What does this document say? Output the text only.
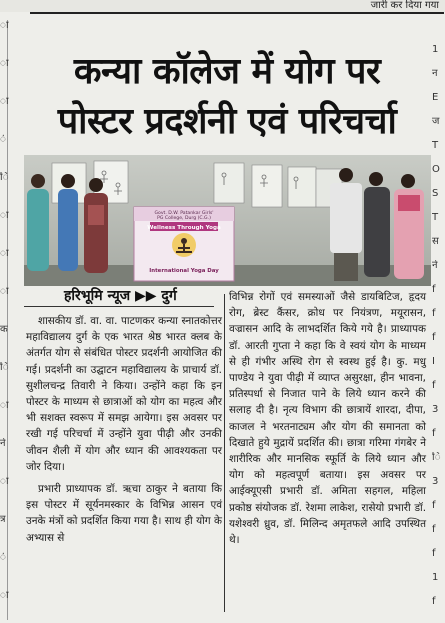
जारी कर दिया गया
ा
ा
ा
ं
ि
ा
ा
ा
क
ि
ा
ने
ा
त्र
ं
ा
1
न
E
ज
T
O
S
T
स
ने
f
f
f
I
f
3
f
ि
3
f
f
f
1
f
कन्या कॉलेज में योग पर
पोस्टर प्रदर्शनी एवं परिचर्चा
Govt. D.W. Patankar Girls'
PG College, Durg (C.G.)
Wellness Through Yoga
International Yoga Day
हरिभूमि न्यूज ▶▶ दुर्ग

शासकीय डॉ. वा. वा. पाटणकर कन्या स्नातकोत्तर महाविद्यालय दुर्ग के एक भारत श्रेष्ठ भारत क्लब के अंतर्गत योग से संबंधित पोस्टर प्रदर्शनी आयोजित की गई। प्रदर्शनी का उद्घाटन महाविद्यालय के प्राचार्य डॉ. सुशीलचन्द्र तिवारी ने किया। उन्होंने कहा कि इन पोस्टर के माध्यम से छात्राओं को योग का महत्व और भी सशक्त स्वरूप में समझ आयेगा। इस अवसर पर रखी गई परिचर्चा में उन्होंने युवा पीढ़ी और उनकी जीवन शैली में योग और ध्यान की आवश्यकता पर जोर दिया।

प्रभारी प्राध्यापक डॉ. ऋचा ठाकुर ने बताया कि इस पोस्टर में सूर्यनमस्कार के विभिन्न आसन एवं उनके मंत्रों को प्रदर्शित किया गया है। साथ ही योग के अभ्यास से

विभिन्न रोगों एवं समस्याओं जैसे डायबिटिज, हृदय रोग, ब्रेस्ट कैंसर, क्रोध पर नियंत्रण, मयूरासन, वज्रासन आदि के लाभदर्शित किये गये है। प्राध्यापक डॉ. आरती गुप्ता ने कहा कि वे स्वयं योग के माध्यम से ही गंभीर अस्थि रोग से स्वस्थ हुई है। कु. मधु पाण्डेय ने युवा पीढ़ी में व्याप्त असुरक्षा, हीन भावना, प्रतिस्पर्धा से निजात पाने के लिये ध्यान करने की सलाह दी है। नृत्य विभाग की छात्रायें शारदा, दीपा, काजल ने भरतनाट्यम और योग की समानता को दिखाते हुये मुद्रायें प्रदर्शित की। छात्रा गरिमा गंगबेर ने शारीरिक और मानसिक स्फूर्ति के लिये ध्यान और योग को महत्वपूर्ण बताया। इस अवसर पर आईक्यूएसी प्रभारी डॉ. अमिता सहगल, महिला प्रकोष्ठ संयोजक डॉ. रेशमा लाकेश, रासेयो प्रभारी डॉ. यशेश्वरी ध्रुव, डॉ. मिलिन्द अमृतफले आदि उपस्थित थे।
